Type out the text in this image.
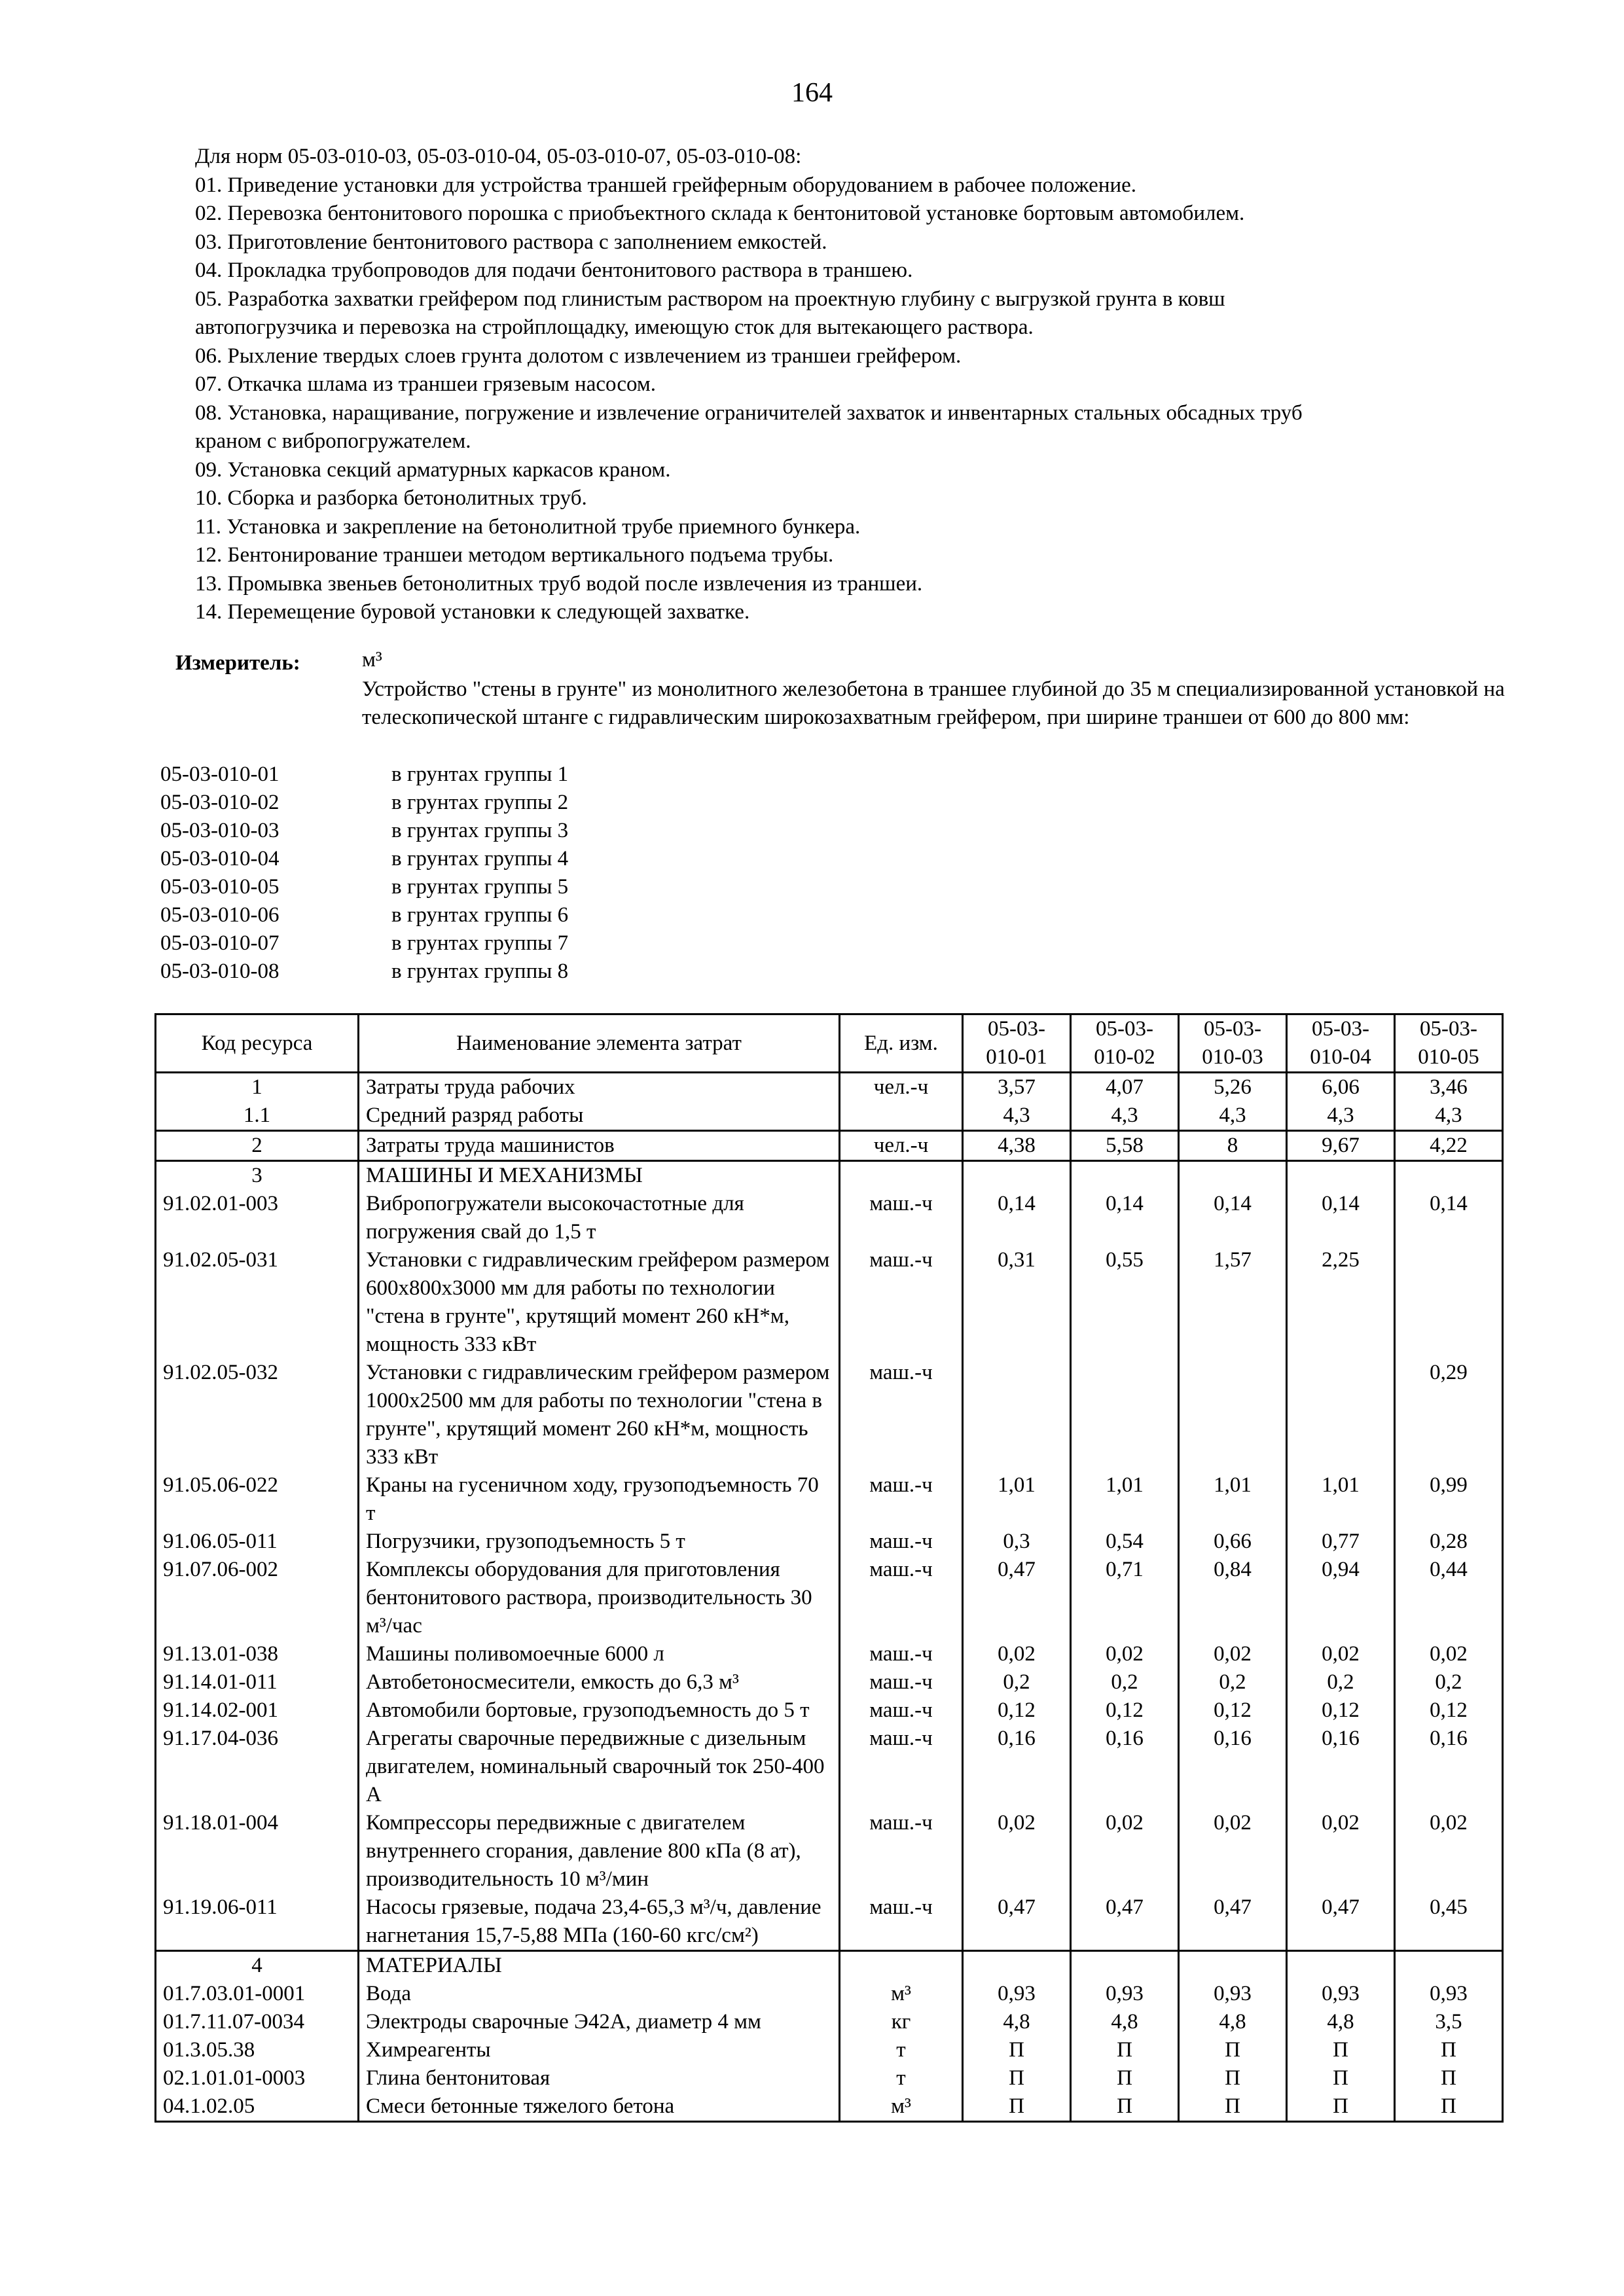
164
Для норм 05-03-010-03, 05-03-010-04, 05-03-010-07, 05-03-010-08:
01. Приведение установки для устройства траншей грейферным оборудованием в рабочее положение.
02. Перевозка бентонитового порошка с приобъектного склада к бентонитовой установке бортовым автомобилем.
03. Приготовление бентонитового раствора с заполнением емкостей.
04. Прокладка трубопроводов для подачи бентонитового раствора в траншею.
05. Разработка захватки грейфером под глинистым раствором на проектную глубину с выгрузкой грунта в ковш
автопогрузчика и перевозка на стройплощадку, имеющую сток для вытекающего раствора.
06. Рыхление твердых слоев грунта долотом с извлечением из траншеи грейфером.
07. Откачка шлама из траншеи грязевым насосом.
08. Установка, наращивание, погружение и извлечение ограничителей захваток и инвентарных стальных обсадных труб
краном с вибропогружателем.
09. Установка секций арматурных каркасов краном.
10. Сборка и разборка бетонолитных труб.
11. Установка и закрепление на бетонолитной трубе приемного бункера.
12. Бентонирование траншеи методом вертикального подъема трубы.
13. Промывка звеньев бетонолитных труб водой после извлечения из траншеи.
14. Перемещение буровой установки к следующей захватке.
Измеритель:	м³
Устройство "стены в грунте" из монолитного железобетона в траншее глубиной до 35 м специализированной установкой на телескопической штанге с гидравлическим широкозахватным грейфером, при ширине траншеи от 600 до 800 мм:
05-03-010-01	в грунтах группы 1
05-03-010-02	в грунтах группы 2
05-03-010-03	в грунтах группы 3
05-03-010-04	в грунтах группы 4
05-03-010-05	в грунтах группы 5
05-03-010-06	в грунтах группы 6
05-03-010-07	в грунтах группы 7
05-03-010-08	в грунтах группы 8
Код ресурса	Наименование элемента затрат	Ед. изм.	05-03-010-01	05-03-010-02	05-03-010-03	05-03-010-04	05-03-010-05
1	Затраты труда рабочих	чел.-ч	3,57	4,07	5,26	6,06	3,46
1.1	Средний разряд работы		4,3	4,3	4,3	4,3	4,3
2	Затраты труда машинистов	чел.-ч	4,38	5,58	8	9,67	4,22
3	МАШИНЫ И МЕХАНИЗМЫ						
91.02.01-003	Вибропогружатели высокочастотные для погружения свай до 1,5 т	маш.-ч	0,14	0,14	0,14	0,14	0,14
91.02.05-031	Установки с гидравлическим грейфером размером 600x800x3000 мм для работы по технологии "стена в грунте", крутящий момент 260 кН*м, мощность 333 кВт	маш.-ч	0,31	0,55	1,57	2,25	
91.02.05-032	Установки с гидравлическим грейфером размером 1000x2500 мм для работы по технологии "стена в грунте", крутящий момент 260 кН*м, мощность 333 кВт	маш.-ч					0,29
91.05.06-022	Краны на гусеничном ходу, грузоподъемность 70 т	маш.-ч	1,01	1,01	1,01	1,01	0,99
91.06.05-011	Погрузчики, грузоподъемность 5 т	маш.-ч	0,3	0,54	0,66	0,77	0,28
91.07.06-002	Комплексы оборудования для приготовления бентонитового раствора, производительность 30 м³/час	маш.-ч	0,47	0,71	0,84	0,94	0,44
91.13.01-038	Машины поливомоечные 6000 л	маш.-ч	0,02	0,02	0,02	0,02	0,02
91.14.01-011	Автобетоносмесители, емкость до 6,3 м³	маш.-ч	0,2	0,2	0,2	0,2	0,2
91.14.02-001	Автомобили бортовые, грузоподъемность до 5 т	маш.-ч	0,12	0,12	0,12	0,12	0,12
91.17.04-036	Агрегаты сварочные передвижные с дизельным двигателем, номинальный сварочный ток 250-400 А	маш.-ч	0,16	0,16	0,16	0,16	0,16
91.18.01-004	Компрессоры передвижные с двигателем внутреннего сгорания, давление 800 кПа (8 ат), производительность 10 м³/мин	маш.-ч	0,02	0,02	0,02	0,02	0,02
91.19.06-011	Насосы грязевые, подача 23,4-65,3 м³/ч, давление нагнетания 15,7-5,88 МПа (160-60 кгс/см²)	маш.-ч	0,47	0,47	0,47	0,47	0,45
4	МАТЕРИАЛЫ						
01.7.03.01-0001	Вода	м³	0,93	0,93	0,93	0,93	0,93
01.7.11.07-0034	Электроды сварочные Э42А, диаметр 4 мм	кг	4,8	4,8	4,8	4,8	3,5
01.3.05.38	Химреагенты	т	П	П	П	П	П
02.1.01.01-0003	Глина бентонитовая	т	П	П	П	П	П
04.1.02.05	Смеси бетонные тяжелого бетона	м³	П	П	П	П	П
